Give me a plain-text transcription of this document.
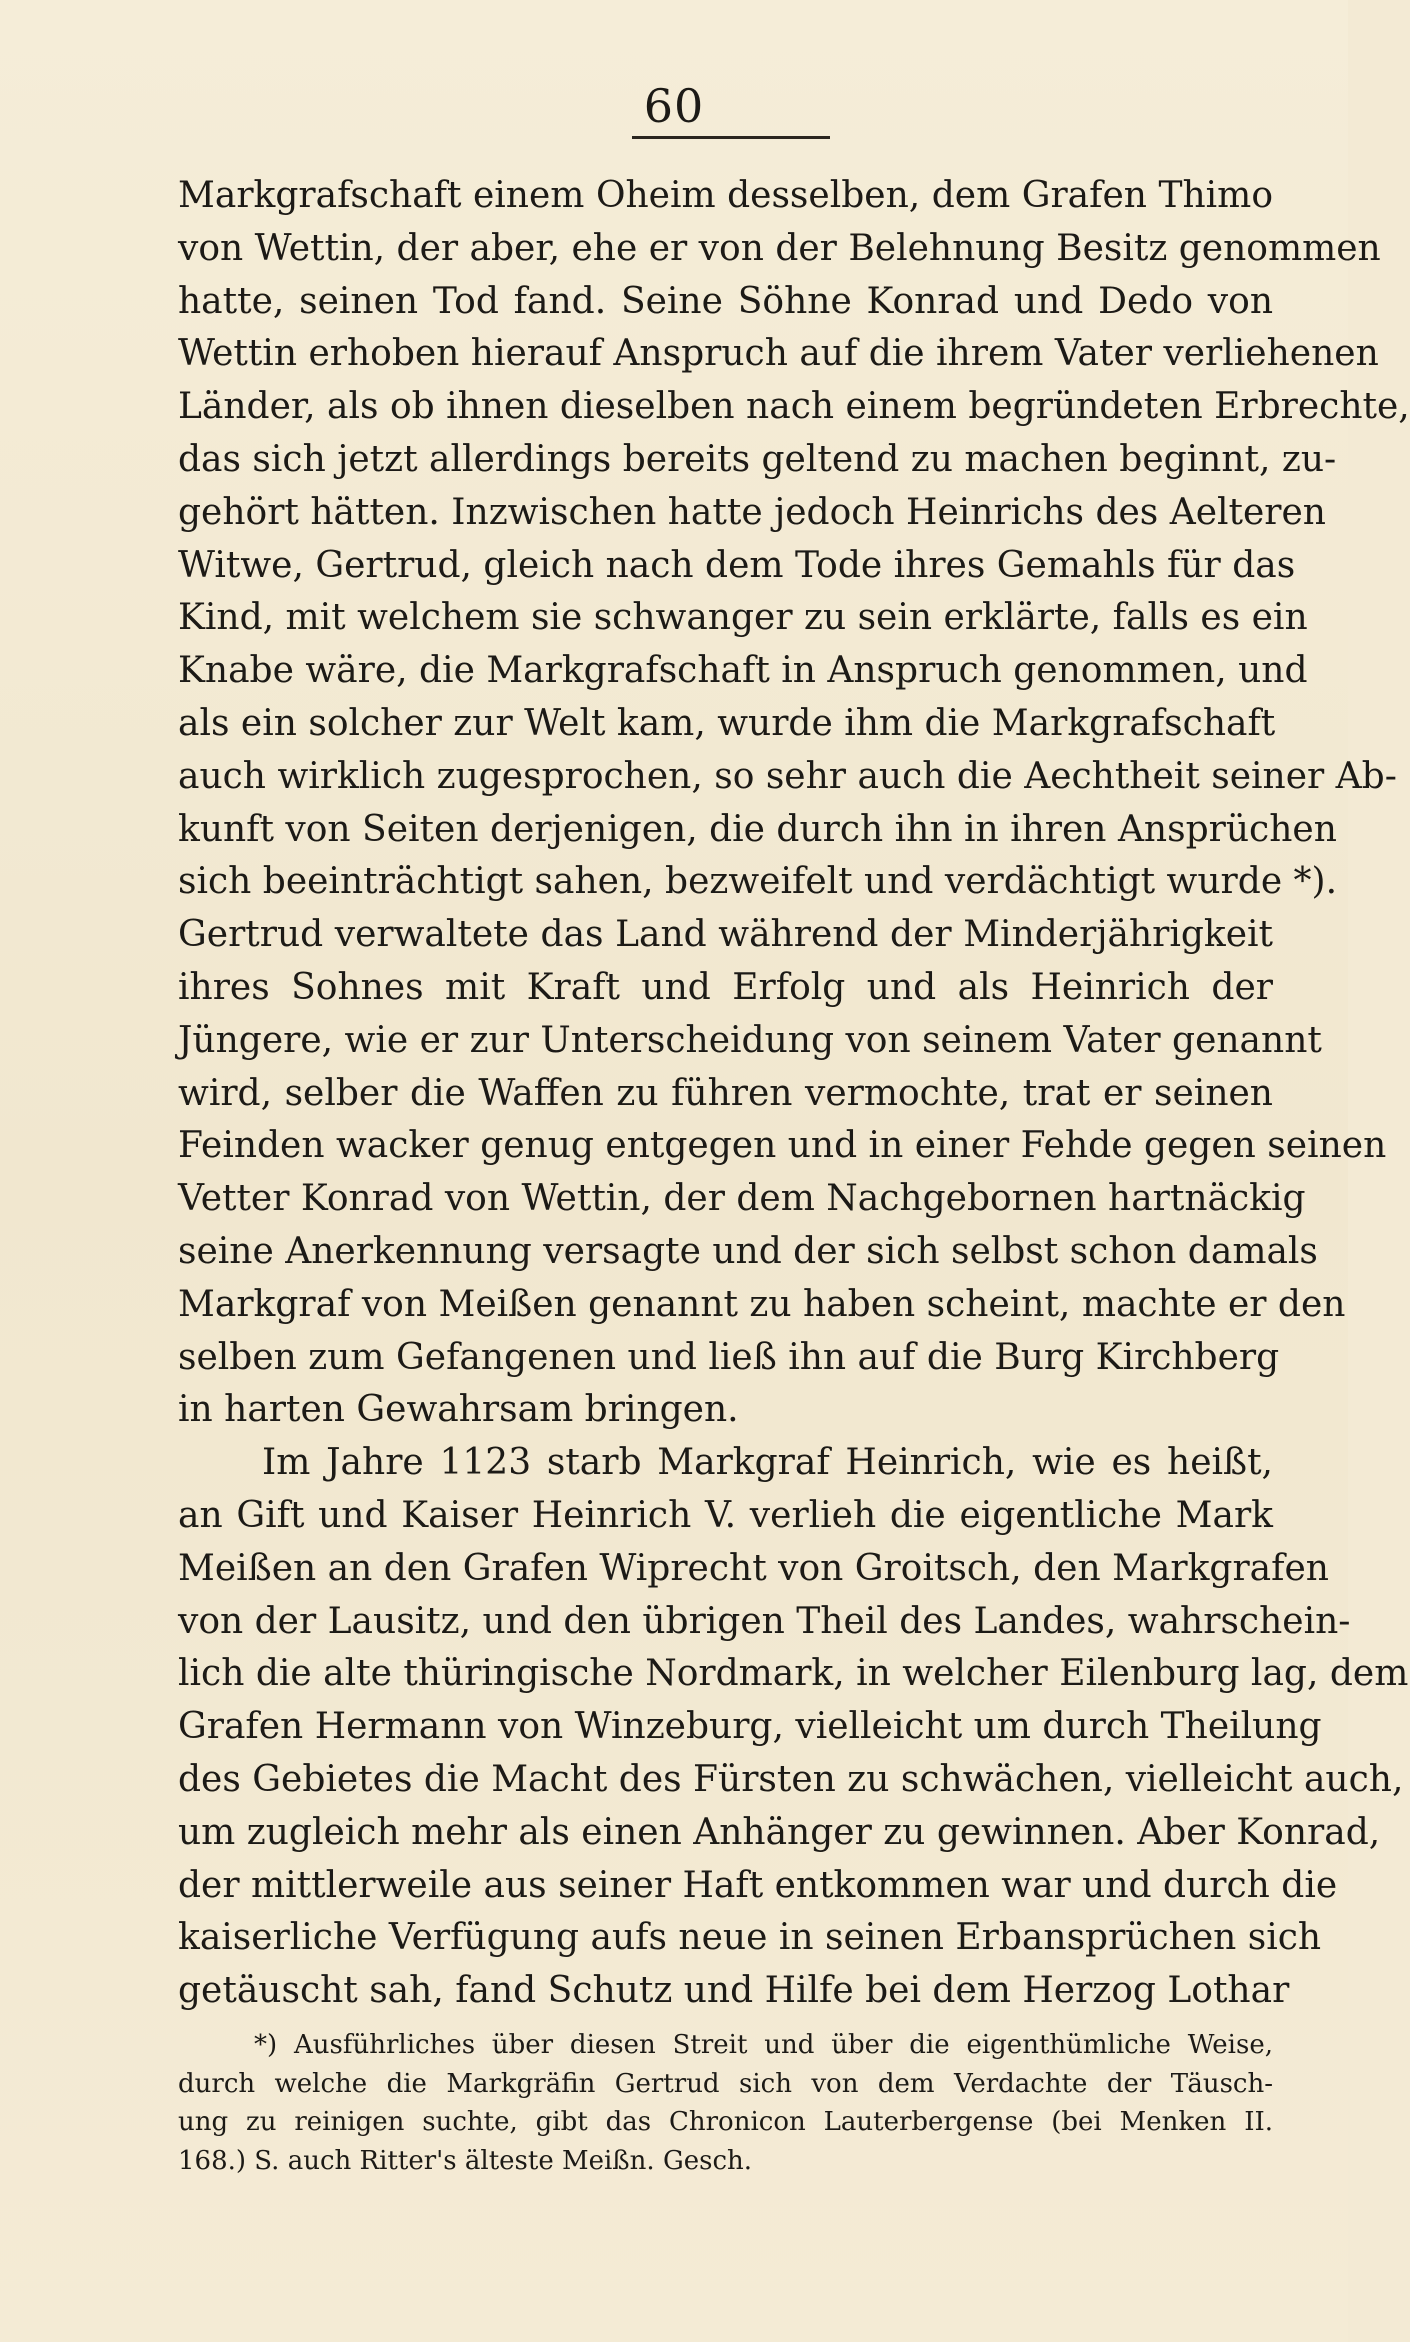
60
Markgrafschaft einem Oheim desselben, dem Grafen Thimo
von Wettin, der aber, ehe er von der Belehnung Besitz genommen
hatte, seinen Tod fand. Seine Söhne Konrad und Dedo von
Wettin erhoben hierauf Anspruch auf die ihrem Vater verliehenen
Länder, als ob ihnen dieselben nach einem begründeten Erbrechte,
das sich jetzt allerdings bereits geltend zu machen beginnt, zu-
gehört hätten. Inzwischen hatte jedoch Heinrichs des Aelteren
Witwe, Gertrud, gleich nach dem Tode ihres Gemahls für das
Kind, mit welchem sie schwanger zu sein erklärte, falls es ein
Knabe wäre, die Markgrafschaft in Anspruch genommen, und
als ein solcher zur Welt kam, wurde ihm die Markgrafschaft
auch wirklich zugesprochen, so sehr auch die Aechtheit seiner Ab-
kunft von Seiten derjenigen, die durch ihn in ihren Ansprüchen
sich beeinträchtigt sahen, bezweifelt und verdächtigt wurde *).
Gertrud verwaltete das Land während der Minderjährigkeit
ihres Sohnes mit Kraft und Erfolg und als Heinrich der
Jüngere, wie er zur Unterscheidung von seinem Vater genannt
wird, selber die Waffen zu führen vermochte, trat er seinen
Feinden wacker genug entgegen und in einer Fehde gegen seinen
Vetter Konrad von Wettin, der dem Nachgebornen hartnäckig
seine Anerkennung versagte und der sich selbst schon damals
Markgraf von Meißen genannt zu haben scheint, machte er den
selben zum Gefangenen und ließ ihn auf die Burg Kirchberg
in harten Gewahrsam bringen.
Im Jahre 1123 starb Markgraf Heinrich, wie es heißt,
an Gift und Kaiser Heinrich V. verlieh die eigentliche Mark
Meißen an den Grafen Wiprecht von Groitsch, den Markgrafen
von der Lausitz, und den übrigen Theil des Landes, wahrschein-
lich die alte thüringische Nordmark, in welcher Eilenburg lag, dem
Grafen Hermann von Winzeburg, vielleicht um durch Theilung
des Gebietes die Macht des Fürsten zu schwächen, vielleicht auch,
um zugleich mehr als einen Anhänger zu gewinnen. Aber Konrad,
der mittlerweile aus seiner Haft entkommen war und durch die
kaiserliche Verfügung aufs neue in seinen Erbansprüchen sich
getäuscht sah, fand Schutz und Hilfe bei dem Herzog Lothar
*) Ausführliches über diesen Streit und über die eigenthümliche Weise,
durch welche die Markgräfin Gertrud sich von dem Verdachte der Täusch-
ung zu reinigen suchte, gibt das Chronicon Lauterbergense (bei Menken II.
168.) S. auch Ritter's älteste Meißn. Gesch.
